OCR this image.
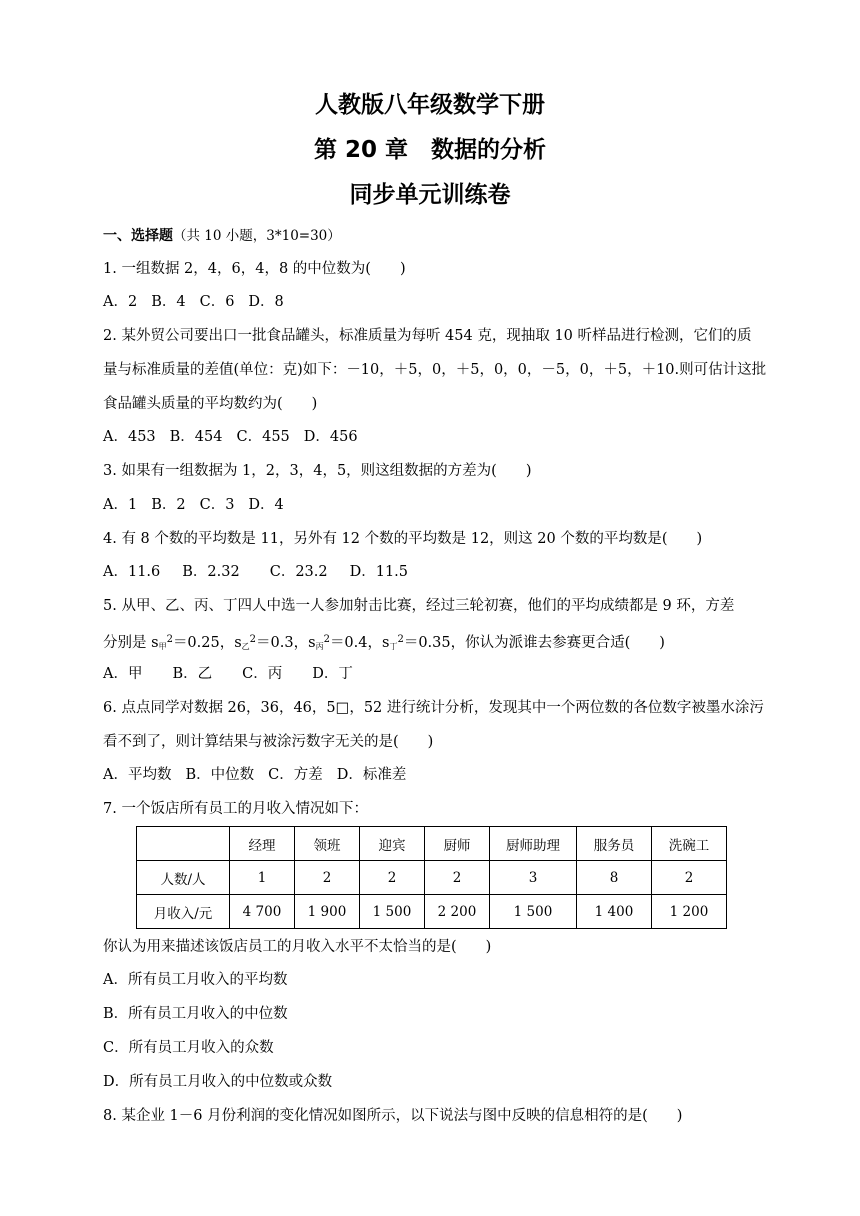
人教版八年级数学下册
第 20 章　数据的分析
同步单元训练卷
一、选择题（共 10 小题，3*10=30）
1. 一组数据 2，4，6，4，8 的中位数为(　　)
A．2 B．4 C．6 D．8
2. 某外贸公司要出口一批食品罐头，标准质量为每听 454 克，现抽取 10 听样品进行检测，它们的质
量与标准质量的差值(单位：克)如下：－10，＋5，0，＋5，0，0，－5，0，＋5，＋10.则可估计这批
食品罐头质量的平均数约为(　　)
A．453 B．454 C．455 D．456
3. 如果有一组数据为 1，2，3，4，5，则这组数据的方差为(　　)
A．1 B．2 C．3 D．4
4. 有 8 个数的平均数是 11，另外有 12 个数的平均数是 12，则这 20 个数的平均数是(　　)
A．11.6 B．2.32 C．23.2 D．11.5
5. 从甲、乙、丙、丁四人中选一人参加射击比赛，经过三轮初赛，他们的平均成绩都是 9 环，方差
分别是 $s_甲^2=0.25$，$s_乙^2=0.3$，$s_丙^2=0.4$，$s_丁^2=0.35$，你认为派谁去参赛更合适(　　)
A．甲 B．乙 C．丙 D．丁
6. 点点同学对数据 26，36，46，5□，52 进行统计分析，发现其中一个两位数的各位数字被墨水涂污
看不到了，则计算结果与被涂污数字无关的是(　　)
A．平均数 B．中位数 C．方差 D．标准差
7. 一个饭店所有员工的月收入情况如下：
	经理	领班	迎宾	厨师	厨师助理	服务员	洗碗工
人数/人	1	2	2	2	3	8	2
月收入/元	4 700	1 900	1 500	2 200	1 500	1 400	1 200
你认为用来描述该饭店员工的月收入水平不太恰当的是(　　)
A．所有员工月收入的平均数
B．所有员工月收入的中位数
C．所有员工月收入的众数
D．所有员工月收入的中位数或众数
8. 某企业 1－6 月份利润的变化情况如图所示，以下说法与图中反映的信息相符的是(　　)
